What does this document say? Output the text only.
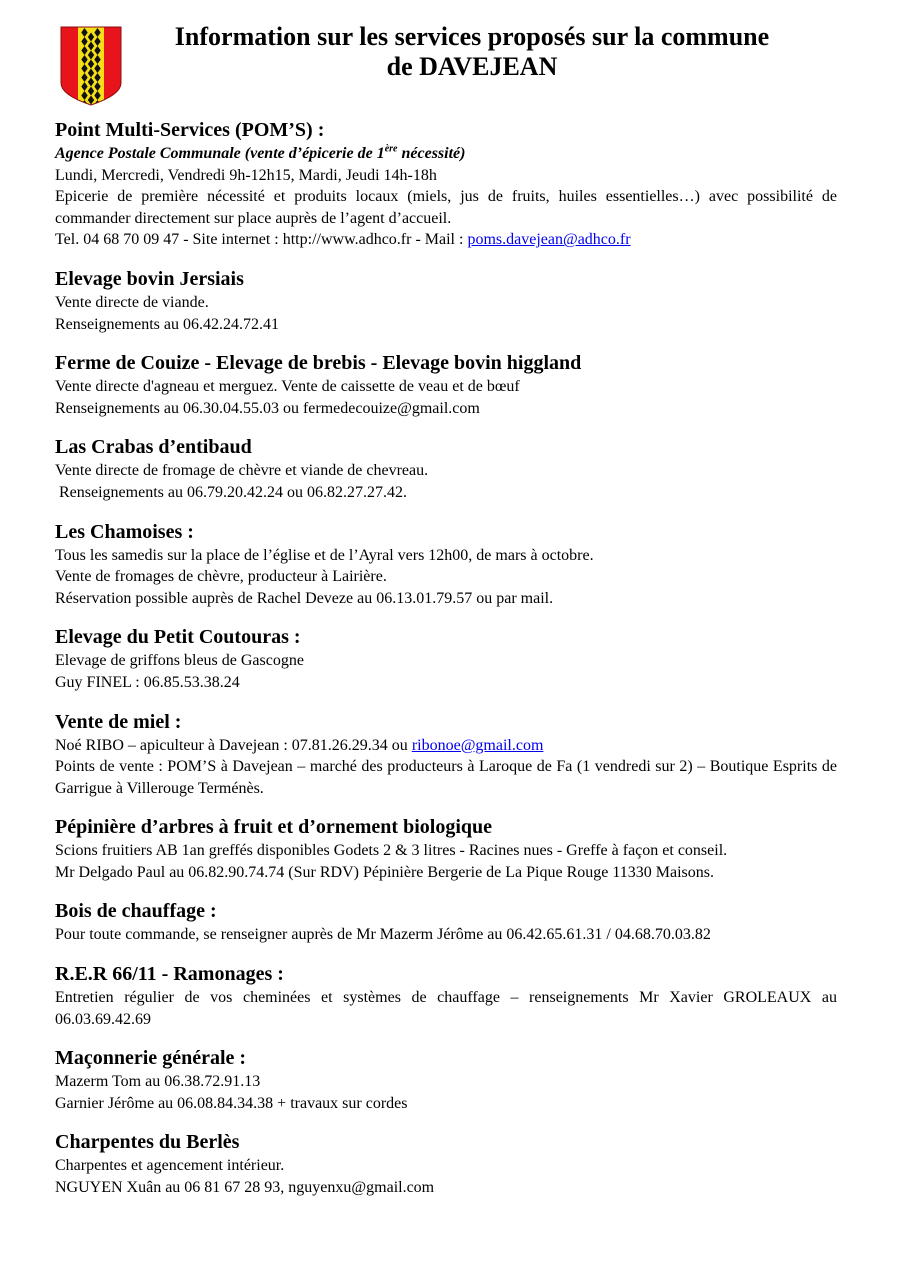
Information sur les services proposés sur la commune
de DAVEJEAN
Point Multi-Services (POM’S) :

Agence Postale Communale (vente d’épicerie de 1ère nécessité)

Lundi, Mercredi, Vendredi 9h-12h15, Mardi, Jeudi 14h-18h

Epicerie de première nécessité et produits locaux (miels, jus de fruits, huiles essentielles…) avec possibilité de commander directement sur place auprès de l’agent d’accueil.

Tel. 04 68 70 09 47 - Site internet : http://www.adhco.fr - Mail : poms.davejean@adhco.fr

Elevage bovin Jersiais

Vente directe de viande.

Renseignements au 06.42.24.72.41

Ferme de Couize - Elevage de brebis - Elevage bovin higgland

Vente directe d'agneau et merguez. Vente de caissette de veau et de bœuf

Renseignements au 06.30.04.55.03 ou fermedecouize@gmail.com

Las Crabas d’entibaud

Vente directe de fromage de chèvre et viande de chevreau.

Renseignements au 06.79.20.42.24 ou 06.82.27.27.42.

Les Chamoises :

Tous les samedis sur la place de l’église et de l’Ayral vers 12h00, de mars à octobre.

Vente de fromages de chèvre, producteur à Lairière.

Réservation possible auprès de Rachel Deveze au 06.13.01.79.57 ou par mail.

Elevage du Petit Coutouras :

Elevage de griffons bleus de Gascogne

Guy FINEL : 06.85.53.38.24

Vente de miel :

Noé RIBO – apiculteur à Davejean : 07.81.26.29.34 ou ribonoe@gmail.com

Points de vente : POM’S à Davejean – marché des producteurs à Laroque de Fa (1 vendredi sur 2) – Boutique Esprits de Garrigue à Villerouge Terménès.

Pépinière d’arbres à fruit et d’ornement biologique

Scions fruitiers AB 1an greffés disponibles Godets 2 & 3 litres - Racines nues - Greffe à façon et conseil.

Mr Delgado Paul au 06.82.90.74.74 (Sur RDV) Pépinière Bergerie de La Pique Rouge 11330 Maisons.

Bois de chauffage :

Pour toute commande, se renseigner auprès de Mr Mazerm Jérôme au 06.42.65.61.31 / 04.68.70.03.82

R.E.R 66/11 - Ramonages :

Entretien régulier de vos cheminées et systèmes de chauffage – renseignements Mr Xavier GROLEAUX au 06.03.69.42.69

Maçonnerie générale :

Mazerm Tom au 06.38.72.91.13

Garnier Jérôme au 06.08.84.34.38 + travaux sur cordes

Charpentes du Berlès

Charpentes et agencement intérieur.

NGUYEN Xuân au 06 81 67 28 93, nguyenxu@gmail.com
